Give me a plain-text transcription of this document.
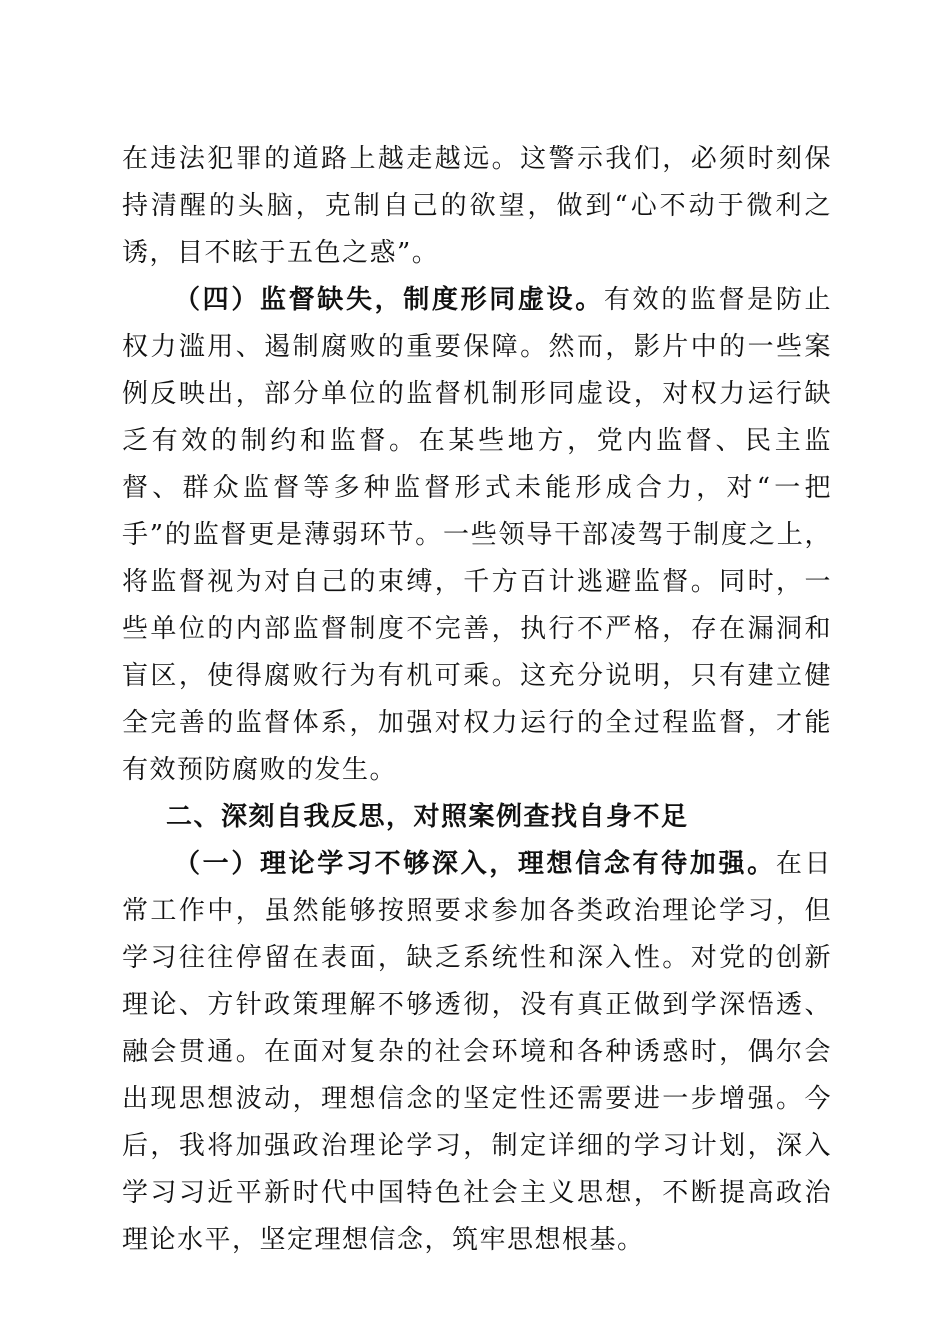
在违法犯罪的道路上越走越远。这警示我们，必须时刻保持清醒的头脑，克制自己的欲望，做到“心不动于微利之诱，目不眩于五色之惑”。

（四）监督缺失，制度形同虚设。有效的监督是防止权力滥用、遏制腐败的重要保障。然而，影片中的一些案例反映出，部分单位的监督机制形同虚设，对权力运行缺乏有效的制约和监督。在某些地方，党内监督、民主监督、群众监督等多种监督形式未能形成合力，对“一把手”的监督更是薄弱环节。一些领导干部凌驾于制度之上，将监督视为对自己的束缚，千方百计逃避监督。同时，一些单位的内部监督制度不完善，执行不严格，存在漏洞和盲区，使得腐败行为有机可乘。这充分说明，只有建立健全完善的监督体系，加强对权力运行的全过程监督，才能有效预防腐败的发生。

二、深刻自我反思，对照案例查找自身不足

（一）理论学习不够深入，理想信念有待加强。在日常工作中，虽然能够按照要求参加各类政治理论学习，但学习往往停留在表面，缺乏系统性和深入性。对党的创新理论、方针政策理解不够透彻，没有真正做到学深悟透、融会贯通。在面对复杂的社会环境和各种诱惑时，偶尔会出现思想波动，理想信念的坚定性还需要进一步增强。今后，我将加强政治理论学习，制定详细的学习计划，深入学习习近平新时代中国特色社会主义思想，不断提高政治理论水平，坚定理想信念，筑牢思想根基。
